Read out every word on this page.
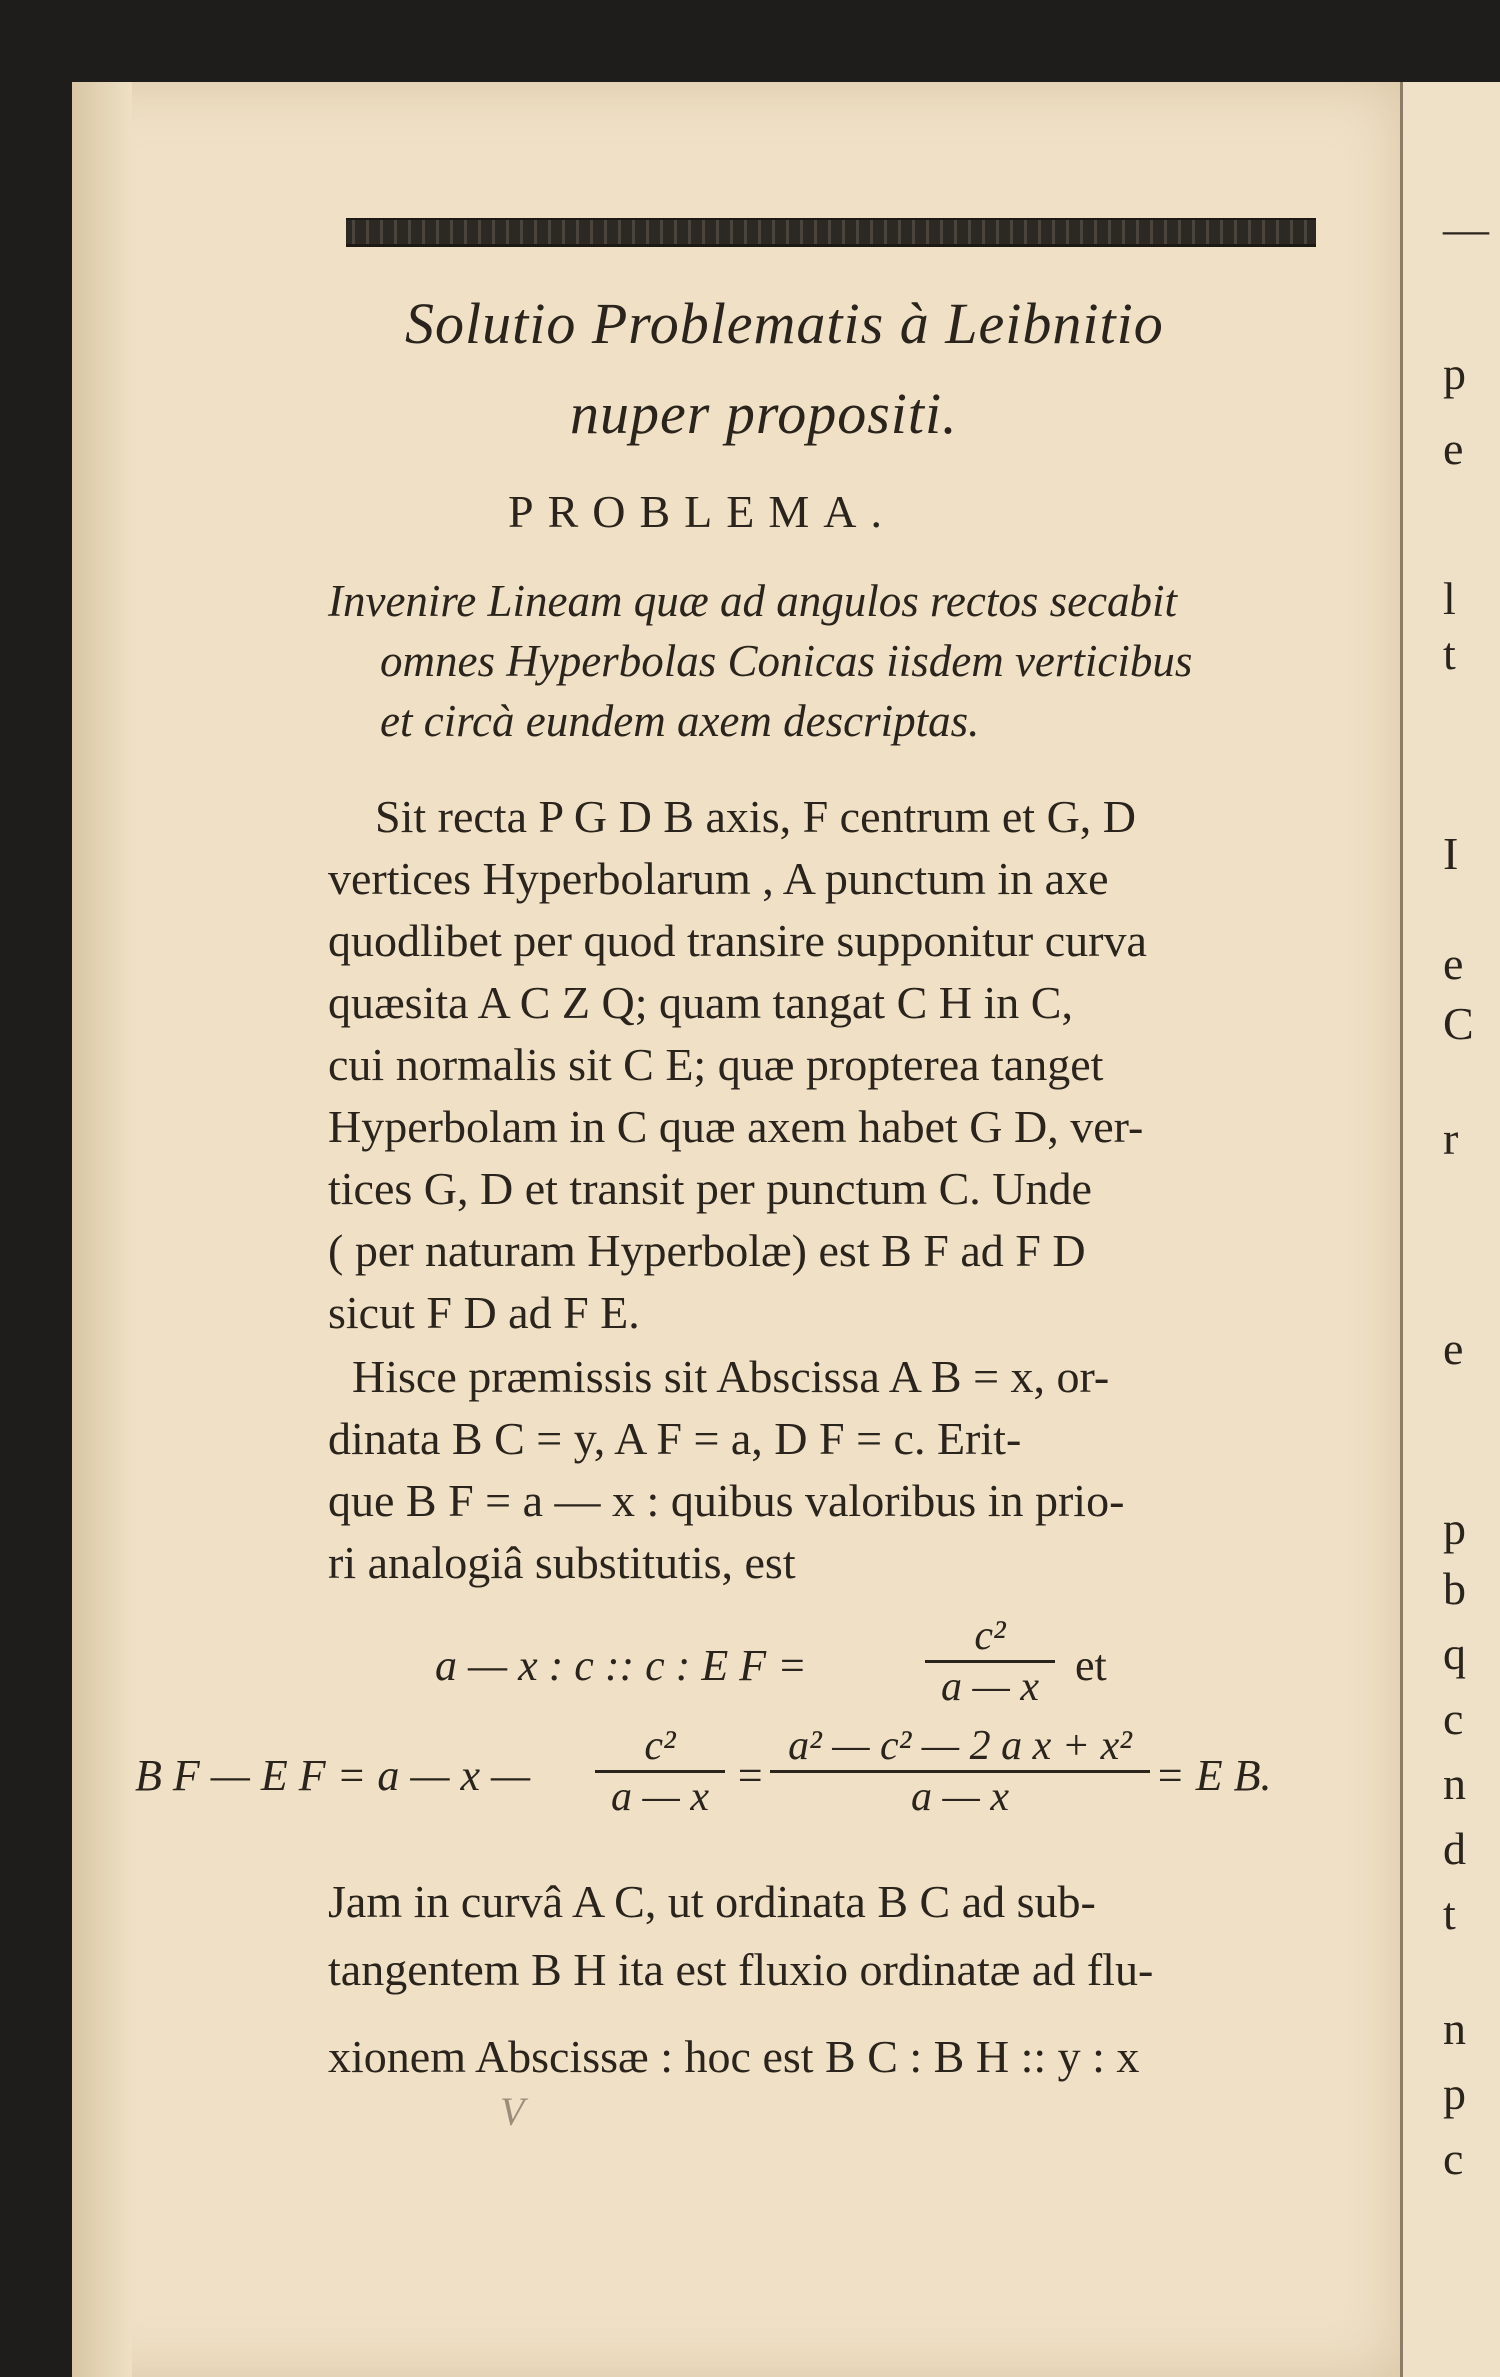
—
p
e
l
t
I
e
C
r
e
p
b
q
c
n
d
t
n
p
c
Solutio Problematis à Leibnitio
nuper propositi.
PROBLEMA.
Invenire Lineam quæ ad angulos rectos secabit
omnes Hyperbolas Conicas iisdem verticibus
et circà eundem axem descriptas.
Sit recta P G D B axis, F centrum et G, D
vertices Hyperbolarum , A punctum in axe
quodlibet per quod transire supponitur curva
quæsita A C Z Q; quam tangat C H in C,
cui normalis sit C E; quæ propterea tanget
Hyperbolam in C quæ axem habet G D, ver-
tices G, D et transit per punctum C. Unde
( per naturam Hyperbolæ) est B F ad F D
sicut F D ad F E.
Hisce præmissis sit Abscissa A B = x, or-
dinata B C = y, A F = a, D F = c. Erit-
que B F = a — x : quibus valoribus in prio-
ri analogiâ substitutis, est
a — x : c :: c : E F =	$\frac{\text{c²}}{a — x}$ et
B F — E F = a — x — $\frac{\text{c²}}{a — x} = \frac{\text{a² — c² — 2 a x + x²}}{a — x} = E$ B.
Jam in curvâ A C, ut ordinata B C ad sub-
tangentem B H ita est fluxio ordinatæ ad flu-
xionem Abscissæ : hoc est B C : B H :: y : x
V
